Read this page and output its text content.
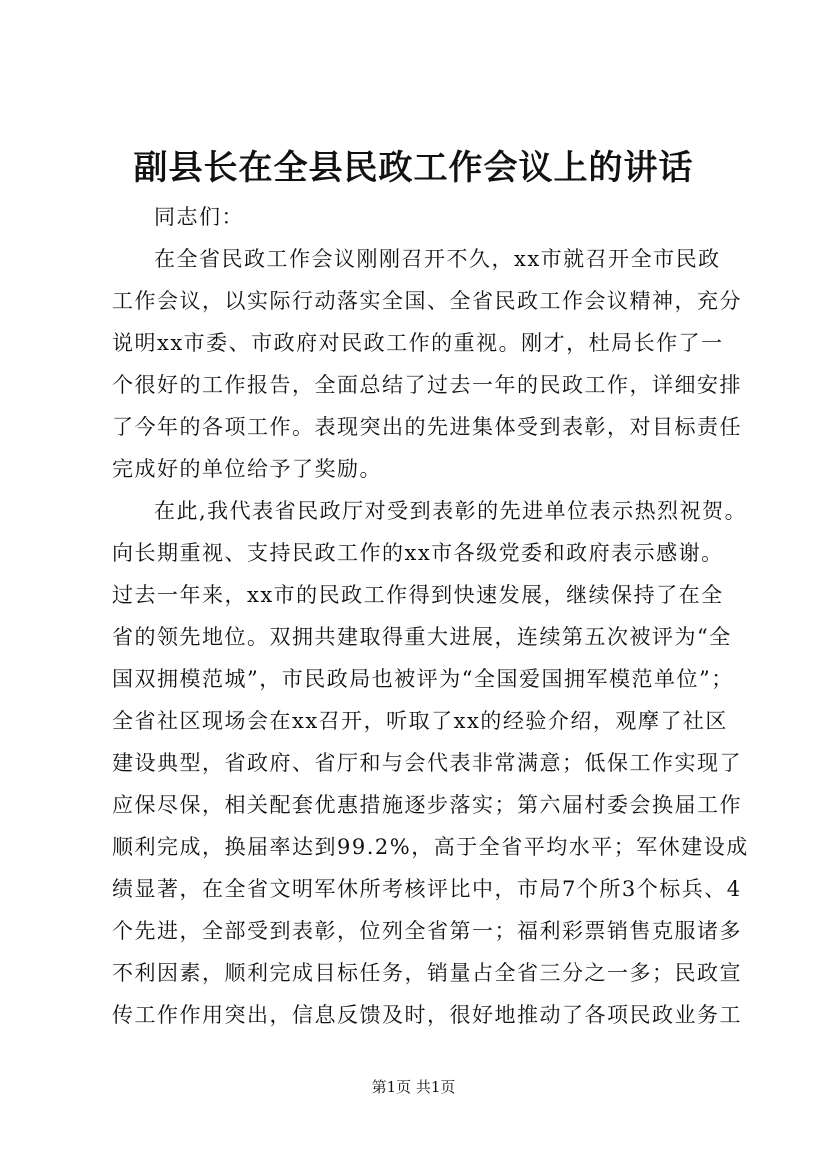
副县长在全县民政工作会议上的讲话
同志们：
在全省民政工作会议刚刚召开不久，xx市就召开全市民政
工作会议，以实际行动落实全国、全省民政工作会议精神，充分
说明xx市委、市政府对民政工作的重视。刚才，杜局长作了一
个很好的工作报告，全面总结了过去一年的民政工作，详细安排
了今年的各项工作。表现突出的先进集体受到表彰，对目标责任
完成好的单位给予了奖励。
在此,我代表省民政厅对受到表彰的先进单位表示热烈祝贺。
向长期重视、支持民政工作的xx市各级党委和政府表示感谢。
过去一年来，xx市的民政工作得到快速发展，继续保持了在全
省的领先地位。双拥共建取得重大进展，连续第五次被评为“全
国双拥模范城”，市民政局也被评为“全国爱国拥军模范单位”；
全省社区现场会在xx召开，听取了xx的经验介绍，观摩了社区
建设典型，省政府、省厅和与会代表非常满意；低保工作实现了
应保尽保，相关配套优惠措施逐步落实；第六届村委会换届工作
顺利完成，换届率达到99.2%，高于全省平均水平；军休建设成
绩显著，在全省文明军休所考核评比中，市局7个所3个标兵、4
个先进，全部受到表彰，位列全省第一；福利彩票销售克服诸多
不利因素，顺利完成目标任务，销量占全省三分之一多；民政宣
传工作作用突出，信息反馈及时，很好地推动了各项民政业务工
第1页 共1页
